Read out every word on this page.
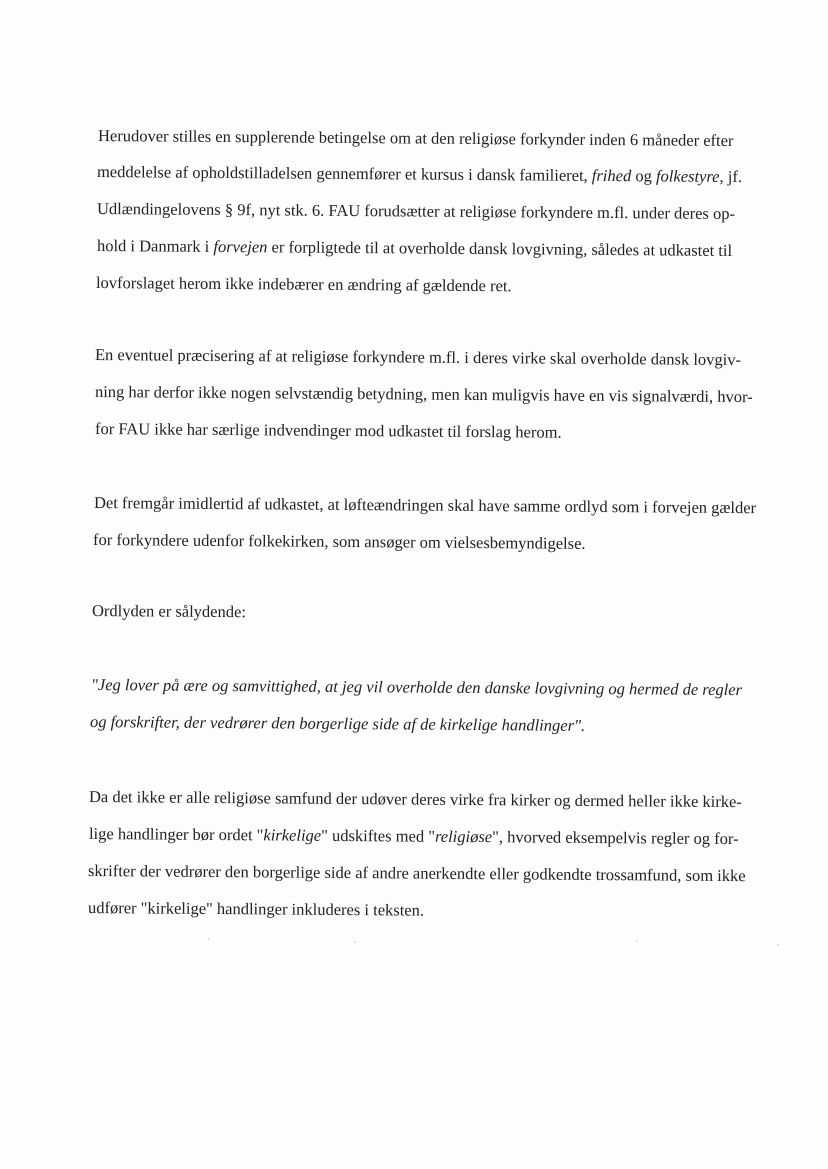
Herudover stilles en supplerende betingelse om at den religiøse forkynder inden 6 måneder efter
meddelelse af opholdstilladelsen gennemfører et kursus i dansk familieret, frihed og folkestyre, jf.
Udlændingelovens § 9f, nyt stk. 6. FAU forudsætter at religiøse forkyndere m.fl. under deres op-
hold i Danmark i forvejen er forpligtede til at overholde dansk lovgivning, således at udkastet til
lovforslaget herom ikke indebærer en ændring af gældende ret.
En eventuel præcisering af at religiøse forkyndere m.fl. i deres virke skal overholde dansk lovgiv-
ning har derfor ikke nogen selvstændig betydning, men kan muligvis have en vis signalværdi, hvor-
for FAU ikke har særlige indvendinger mod udkastet til forslag herom.
Det fremgår imidlertid af udkastet, at løfteændringen skal have samme ordlyd som i forvejen gælder
for forkyndere udenfor folkekirken, som ansøger om vielsesbemyndigelse.
Ordlyden er sålydende:
"Jeg lover på ære og samvittighed, at jeg vil overholde den danske lovgivning og hermed de regler
og forskrifter, der vedrører den borgerlige side af de kirkelige handlinger".
Da det ikke er alle religiøse samfund der udøver deres virke fra kirker og dermed heller ikke kirke-
lige handlinger bør ordet "kirkelige" udskiftes med "religiøse", hvorved eksempelvis regler og for-
skrifter der vedrører den borgerlige side af andre anerkendte eller godkendte trossamfund, som ikke
udfører "kirkelige" handlinger inkluderes i teksten.
